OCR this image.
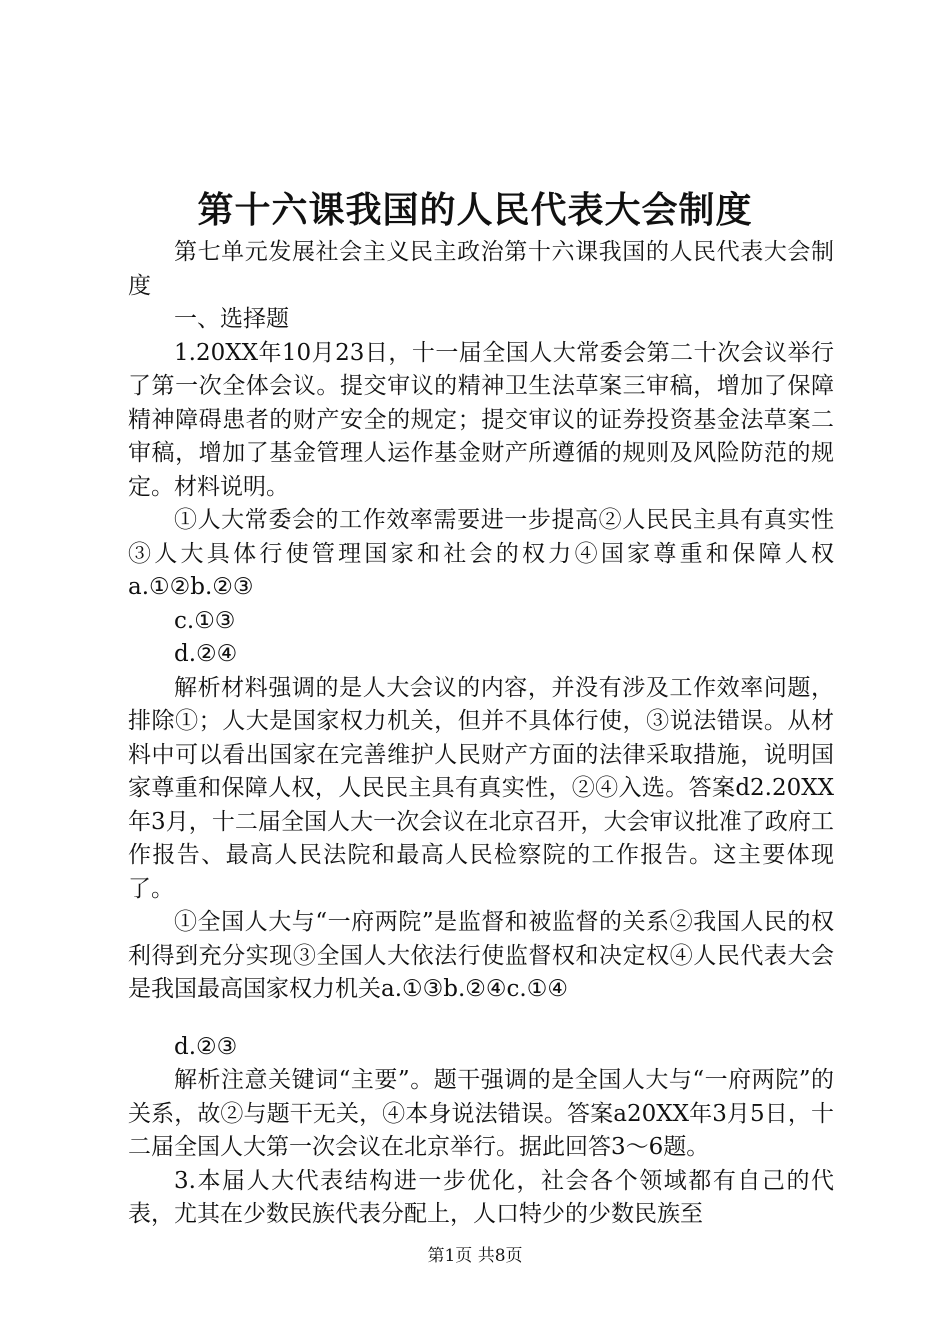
第十六课我国的人民代表大会制度

第七单元发展社会主义民主政治第十六课我国的人民代表大会制度

一、选择题

1.20XX年10月23日，十一届全国人大常委会第二十次会议举行了第一次全体会议。提交审议的精神卫生法草案三审稿，增加了保障精神障碍患者的财产安全的规定；提交审议的证券投资基金法草案二审稿，增加了基金管理人运作基金财产所遵循的规则及风险防范的规定。材料说明。

①人大常委会的工作效率需要进一步提高②人民民主具有真实性③人大具体行使管理国家和社会的权力④国家尊重和保障人权a.①②b.②③

c.①③

d.②④

解析材料强调的是人大会议的内容，并没有涉及工作效率问题，排除①；人大是国家权力机关，但并不具体行使，③说法错误。从材料中可以看出国家在完善维护人民财产方面的法律采取措施，说明国家尊重和保障人权，人民民主具有真实性，②④入选。答案d2.20XX年3月，十二届全国人大一次会议在北京召开，大会审议批准了政府工作报告、最高人民法院和最高人民检察院的工作报告。这主要体现了。

①全国人大与“一府两院”是监督和被监督的关系②我国人民的权利得到充分实现③全国人大依法行使监督权和决定权④人民代表大会是我国最高国家权力机关a.①③b.②④c.①④

d.②③

解析注意关键词“主要”。题干强调的是全国人大与“一府两院”的关系，故②与题干无关，④本身说法错误。答案a20XX年3月5日，十二届全国人大第一次会议在北京举行。据此回答3～6题。

3.本届人大代表结构进一步优化，社会各个领域都有自己的代表，尤其在少数民族代表分配上，人口特少的少数民族至

第1页 共8页
